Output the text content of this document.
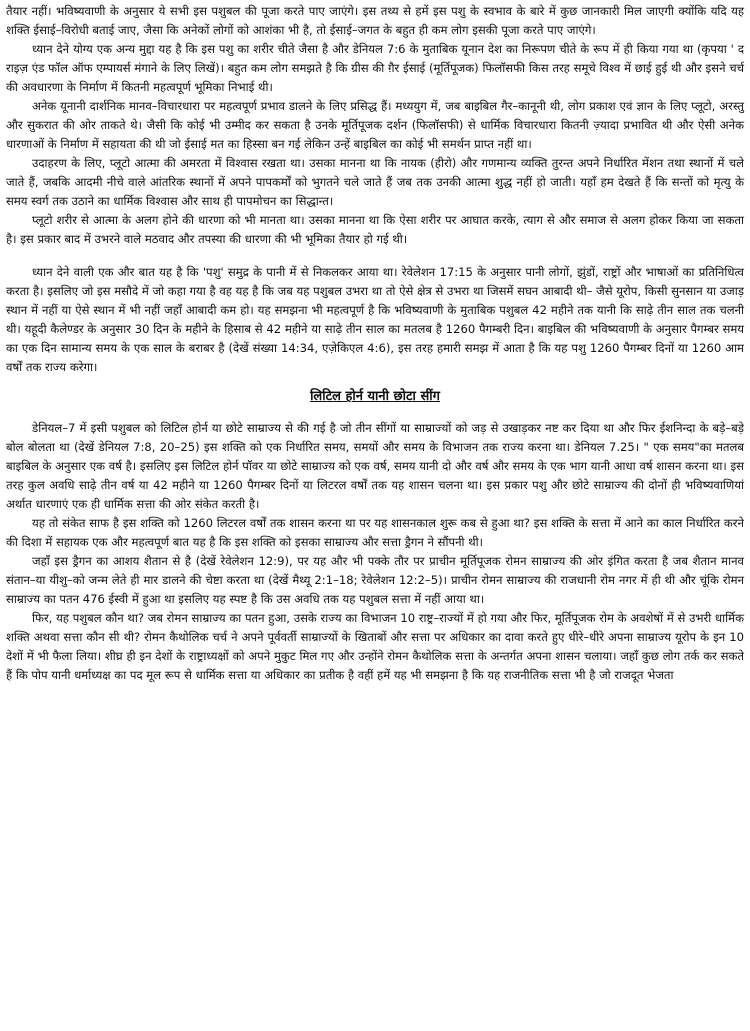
तैयार नहीं। भविष्यवाणी के अनुसार ये सभी इस पशुबल की पूजा करते पाए जाएंगे। इस तथ्य से हमें इस पशु के स्वभाव के बारे में कुछ जानकारी मिल जाएगी क्योंकि यदि यह शक्ति ईसाई–विरोधी बताई जाए, जैसा कि अनेकों लोगों को आशंका भी है, तो ईसाई–जगत के बहुत ही कम लोग इसकी पूजा करते पाए जाएंगे।

ध्यान देने योग्य एक अन्य मुद्दा यह है कि इस पशु का शरीर चीते जैसा है और डेनियल 7:6 के मुताबिक यूनान देश का निरूपण चीते के रूप में ही किया गया था (कृपया ' द राइज़ एंड फॉल ऑफ एम्पायर्स मंगाने के लिए लिखें)। बहुत कम लोग समझते है कि ग्रीस की ग़ैर ईसाई (मूर्तिपूजक) फिलॉसफी किस तरह समूचे विश्व में छाई हुई थी और इसने चर्च की अवधारणा के निर्माण में कितनी महत्वपूर्ण भूमिका निभाई थी।

अनेक यूनानी दार्शनिक मानव–विचारधारा पर महत्वपूर्ण प्रभाव डालने के लिए प्रसिद्ध हैं। मध्ययुग में, जब बाइबिल गैर–कानूनी थी, लोग प्रकाश एवं ज्ञान के लिए प्लूटो, अरस्तु और सुकरात की ओर ताकते थे। जैसी कि कोई भी उम्मीद कर सकता है उनके मूर्तिपूजक दर्शन (फिलॉसफी) से धार्मिक विचारधारा कितनी ज़्यादा प्रभावित थी और ऐसी अनेक धारणाओं के निर्माण में सहायता की थी जो ईसाई मत का हिस्सा बन गई लेकिन उन्हें बाइबिल का कोई भी समर्थन प्राप्त नहीं था।

उदाहरण के लिए, प्लूटो आत्मा की अमरता में विश्वास रखता था। उसका मानना था कि नायक (हीरो) और गणमान्य व्यक्ति तुरन्त अपने निर्धारित मेंशन तथा स्थानों में चले जाते हैं, जबकि आदमी नीचे वाले आंतरिक स्थानों में अपने पापकर्मों को भुगतने चले जाते हैं जब तक उनकी आत्मा शुद्ध नहीं हो जाती। यहाँ हम देखते हैं कि सन्तों को मृत्यु के समय स्वर्ग तक उठाने का धार्मिक विश्वास और साथ ही पापमोचन का सिद्धान्त।

प्लूटो शरीर से आत्मा के अलग होने की धारणा को भी मानता था। उसका मानना था कि ऐसा शरीर पर आघात करके, त्याग से और समाज से अलग होकर किया जा सकता है। इस प्रकार बाद में उभरने वाले मठवाद और तपस्या की धारणा की भी भूमिका तैयार हो गई थी।

ध्यान देने वाली एक और बात यह है कि 'पशु' समुद्र के पानी में से निकलकर आया था। रेवेलेशन 17:15 के अनुसार पानी लोगों, झुंडों, राष्ट्रों और भाषाओं का प्रतिनिधित्व करता है। इसलिए जो इस मसौदे में जो कहा गया है वह यह है कि जब यह पशुबल उभरा था तो ऐसे क्षेत्र से उभरा था जिसमें सघन आबादी थी– जैसे यूरोप, किसी सुनसान या उजाड़ स्थान में नहीं या ऐसे स्थान में भी नहीं जहाँ आबादी कम हो। यह समझना भी महत्वपूर्ण है कि भविष्यवाणी के मुताबिक पशुबल 42 महीने तक यानी कि साढ़े तीन साल तक चलनी थी। यहूदी कैलेण्डर के अनुसार 30 दिन के महीने के हिसाब से 42 महीने या साढ़े तीन साल का मतलब है 1260 पैगम्बरी दिन। बाइबिल की भविष्यवाणी के अनुसार पैगम्बर समय का एक दिन सामान्य समय के एक साल के बराबर है (देखें संख्या 14:34, एज़ेकिएल 4:6), इस तरह हमारी समझ में आता है कि यह पशु 1260 पैगम्बर दिनों या 1260 आम वर्षों तक राज्य करेगा।

लिटिल होर्न यानी छोटा सींग

डेनियल–7 में इसी पशुबल को लिटिल होर्न या छोटे साम्राज्य से की गई है जो तीन सींगों या साम्राज्यों को जड़ से उखाड़कर नष्ट कर दिया था और फिर ईशनिन्दा के बड़े–बड़े बोल बोलता था (देखें डेनियल 7:8, 20–25) इस शक्ति को एक निर्धारित समय, समयों और समय के विभाजन तक राज्य करना था। डेनियल 7.25। " एक समय"का मतलब बाइबिल के अनुसार एक वर्ष है। इसलिए इस लिटिल होर्न पॉवर या छोटे साम्राज्य को एक वर्ष, समय यानी दो और वर्ष और समय के एक भाग यानी आधा वर्ष शासन करना था। इस तरह कुल अवधि साढ़े तीन वर्ष या 42 महीने या 1260 पैगम्बर दिनों या लिटरल वर्षों तक यह शासन चलना था। इस प्रकार पशु और छोटे साम्राज्य की दोनों ही भविष्यवाणियां अर्थात धारणाएं एक ही धार्मिक सत्ता की ओर संकेत करती है।

यह तो संकेत साफ है इस शक्ति को 1260 लिटरल वर्षों तक शासन करना था पर यह शासनकाल शुरू कब से हुआ था? इस शक्ति के सत्ता में आने का काल निर्धारित करने की दिशा में सहायक एक और महत्वपूर्ण बात यह है कि इस शक्ति को इसका साम्राज्य और सत्ता ड्रैगन ने सौंपनी थी।

जहाँ इस ड्रैगन का आशय शैतान से है (देखें रेवेलेशन 12:9), पर यह और भी पक्के तौर पर प्राचीन मूर्तिपूजक रोमन साम्राज्य की ओर इंगित करता है जब शैतान मानव संतान–या यीशु–को जन्म लेते ही मार डालने की चेष्टा करता था (देखें मैथ्यू 2:1–18; रेवेलेशन 12:2–5)। प्राचीन रोमन साम्राज्य की राजधानी रोम नगर में ही थी और चूंकि रोमन साम्राज्य का पतन 476 ईस्वी में हुआ था इसलिए यह स्पष्ट है कि उस अवधि तक यह पशुबल सत्ता में नहीं आया था।

फिर, यह पशुबल कौन था? जब रोमन साम्राज्य का पतन हुआ, उसके राज्य का विभाजन 10 राष्ट्र–राज्यों में हो गया और फिर, मूर्तिपूजक रोम के अवशेषों में से उभरी धार्मिक शक्ति अथवा सत्ता कौन सी थी? रोमन कैथोलिक चर्च ने अपने पूर्ववर्ती साम्राज्यों के खिताबों और सत्ता पर अधिकार का दावा करते हुए धीरे–धीरे अपना साम्राज्य यूरोप के इन 10 देशों में भी फैला लिया। शीघ्र ही इन देशों के राष्ट्राध्यक्षों को अपने मुकुट मिल गए और उन्होंने रोमन कैथोलिक सत्ता के अन्तर्गत अपना शासन चलाया। जहाँ कुछ लोग तर्क कर सकते हैं कि पोप यानी धर्माध्यक्ष का पद मूल रूप से धार्मिक सत्ता या अधिकार का प्रतीक है वहीं हमें यह भी समझना है कि यह राजनीतिक सत्ता भी है जो राजदूत भेजता
